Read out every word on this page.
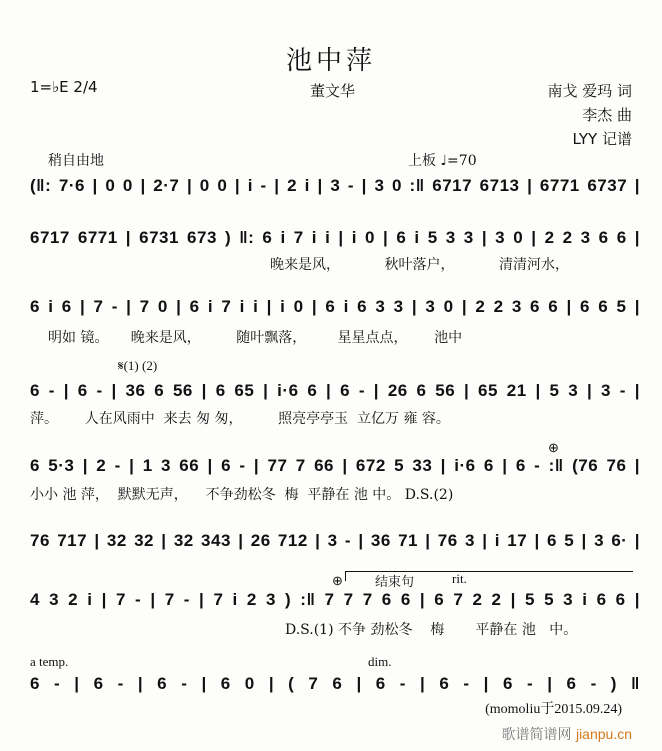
池中萍
1=♭E 2/4	董文华	南戈 爱玛 词
李杰 曲
LYY 记谱
稍自由地	上板 ♩=70
(‖: 7·6 | 0 0 | 2·7 | 0 0 | i - | 2 i | 3 - | 3 0 :‖ 6717 6713 | 6771 6737 |
6717 6771 | 6731 673 ) ‖: 6 i 7 i i | i 0 | 6 i 5 3 3 | 3 0 | 2 2 3 6 6 |
晚来是风，          秋叶落户，          清清河水，
6 i 6 | 7 - | 7 0 | 6 i 7 i i | i 0 | 6 i 6 3 3 | 3 0 | 2 2 3 6 6 | 6 6 5 |
明如 镜。     晚来是风，        随叶飘落，       星星点点，      池中
𝄋(1) (2)
6 - | 6 - | 36 6 56 | 6 65 | i·6 6 | 6 - | 26 6 56 | 65 21 | 5 3 | 3 - |
萍。      人在风雨中  来去 匆 匆，        照亮亭亭玉  立亿万 雍 容。
⊕
6 5·3 | 2 - | 1 3 66 | 6 - | 77 7 66 | 672 5 33 | i·6 6 | 6 - :‖ (76 76 |
小小 池 萍，  默默无声，    不争劲松冬  梅  平静在 池 中。 D.S.(2)
76 717 | 32 32 | 32 343 | 26 712 | 3 - | 36 71 | 76 3 | i 17 | 6 5 | 3 6· |
⊕ 结束句	rit.
4 3 2 i | 7 - | 7 - | 7 i 2 3 ) :‖ 7 7 7 6 6 | 6 7 2 2 | 5 5 3 i 6 6 |
D.S.(1) 不争 劲松冬    梅       平静在 池   中。
a temp.	dim.
6 - | 6 - | 6 - | 6 0 | ( 7 6 | 6 - | 6 - | 6 - | 6 - ) ‖
(momoliu于2015.09.24)
歌谱简谱网 jianpu.cn
